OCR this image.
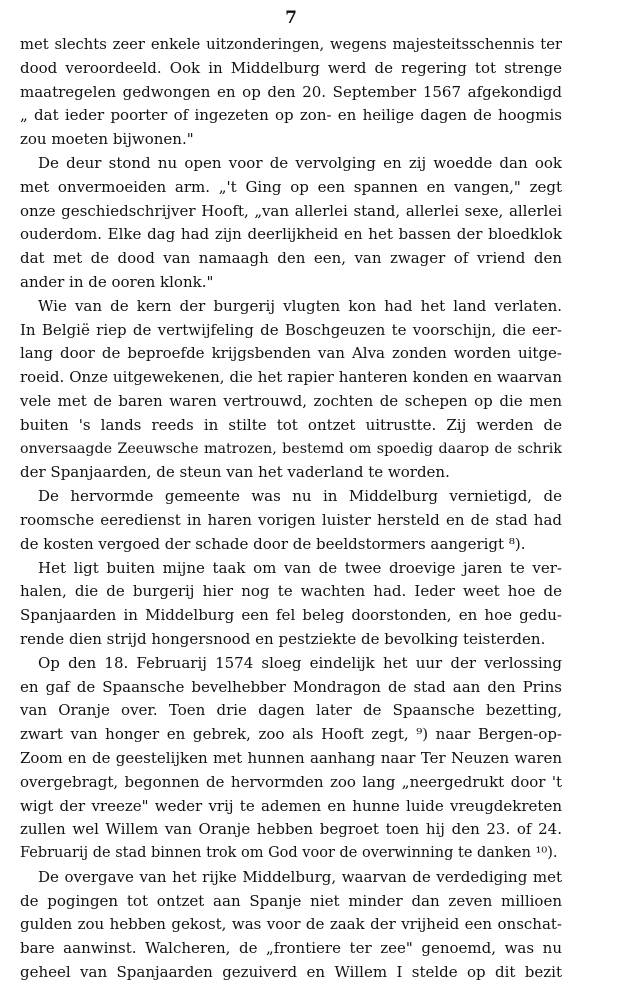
7
met slechts zeer enkele uitzonderingen, wegens majesteitsschennis ter
dood veroordeeld. Ook in Middelburg werd de regering tot strenge
maatregelen gedwongen en op den 20. September 1567 afgekondigd
„ dat ieder poorter of ingezeten op zon- en heilige dagen de hoogmis
zou moeten bijwonen."
De deur stond nu open voor de vervolging en zij woedde dan ook
met onvermoeiden arm. „'t Ging op een spannen en vangen," zegt
onze geschiedschrijver Hooft, „van allerlei stand, allerlei sexe, allerlei
ouderdom. Elke dag had zijn deerlijkheid en het bassen der bloedklok
dat met de dood van namaagh den een, van zwager of vriend den
ander in de ooren klonk."
Wie van de kern der burgerij vlugten kon had het land verlaten.
In België riep de vertwijfeling de Boschgeuzen te voorschijn, die eer-
lang door de beproefde krijgsbenden van Alva zonden worden uitge-
roeid. Onze uitgewekenen, die het rapier hanteren konden en waarvan
vele met de baren waren vertrouwd, zochten de schepen op die men
buiten 's lands reeds in stilte tot ontzet uitrustte. Zij werden de
onversaagde Zeeuwsche matrozen, bestemd om spoedig daarop de schrik
der Spanjaarden, de steun van het vaderland te worden.
De hervormde gemeente was nu in Middelburg vernietigd, de
roomsche eeredienst in haren vorigen luister hersteld en de stad had
de kosten vergoed der schade door de beeldstormers aangerigt ⁸).
Het ligt buiten mijne taak om van de twee droevige jaren te ver-
halen, die de burgerij hier nog te wachten had. Ieder weet hoe de
Spanjaarden in Middelburg een fel beleg doorstonden, en hoe gedu-
rende dien strijd hongersnood en pestziekte de bevolking teisterden.
Op den 18. Februarij 1574 sloeg eindelijk het uur der verlossing
en gaf de Spaansche bevelhebber Mondragon de stad aan den Prins
van Oranje over. Toen drie dagen later de Spaansche bezetting,
zwart van honger en gebrek, zoo als Hooft zegt, ⁹) naar Bergen-op-
Zoom en de geestelijken met hunnen aanhang naar Ter Neuzen waren
overgebragt, begonnen de hervormden zoo lang „neergedrukt door 't
wigt der vreeze" weder vrij te ademen en hunne luide vreugdekreten
zullen wel Willem van Oranje hebben begroet toen hij den 23. of 24.
Februarij de stad binnen trok om God voor de overwinning te danken ¹⁰).
De overgave van het rijke Middelburg, waarvan de verdediging met
de pogingen tot ontzet aan Spanje niet minder dan zeven millioen
gulden zou hebben gekost, was voor de zaak der vrijheid een onschat-
bare aanwinst. Walcheren, de „frontiere ter zee" genoemd, was nu
geheel van Spanjaarden gezuiverd en Willem I stelde op dit bezit
